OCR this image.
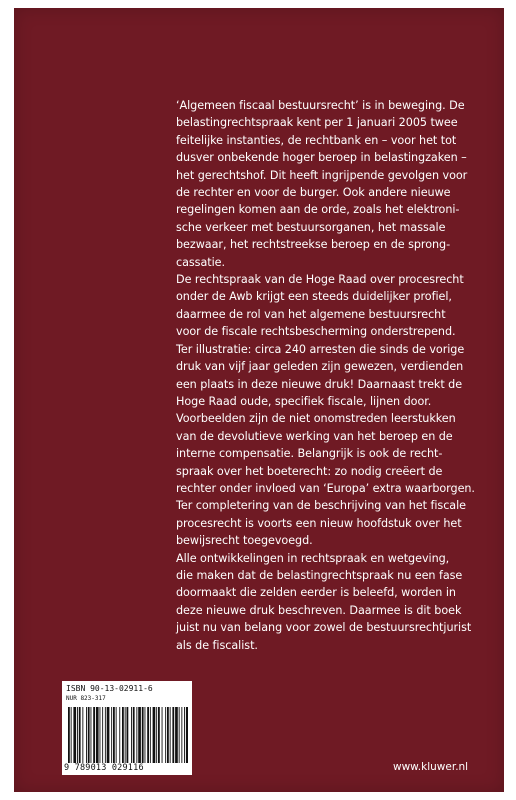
‘Algemeen fiscaal bestuursrecht’ is in beweging. De
belastingrechtspraak kent per 1 januari 2005 twee
feitelijke instanties, de rechtbank en – voor het tot
dusver onbekende hoger beroep in belastingzaken –
het gerechtshof. Dit heeft ingrijpende gevolgen voor
de rechter en voor de burger. Ook andere nieuwe
regelingen komen aan de orde, zoals het elektroni-
sche verkeer met bestuursorganen, het massale
bezwaar, het rechtstreekse beroep en de sprong-
cassatie.
De rechtspraak van de Hoge Raad over procesrecht
onder de Awb krijgt een steeds duidelijker profiel,
daarmee de rol van het algemene bestuursrecht
voor de fiscale rechtsbescherming onderstrepend.
Ter illustratie: circa 240 arresten die sinds de vorige
druk van vijf jaar geleden zijn gewezen, verdienden
een plaats in deze nieuwe druk! Daarnaast trekt de
Hoge Raad oude, specifiek fiscale, lijnen door.
Voorbeelden zijn de niet onomstreden leerstukken
van de devolutieve werking van het beroep en de
interne compensatie. Belangrijk is ook de recht-
spraak over het boeterecht: zo nodig creëert de
rechter onder invloed van ‘Europa’ extra waarborgen.
Ter completering van de beschrijving van het fiscale
procesrecht is voorts een nieuw hoofdstuk over het
bewijsrecht toegevoegd.
Alle ontwikkelingen in rechtspraak en wetgeving,
die maken dat de belastingrechtspraak nu een fase
doormaakt die zelden eerder is beleefd, worden in
deze nieuwe druk beschreven. Daarmee is dit boek
juist nu van belang voor zowel de bestuursrechtjurist
als de fiscalist.
ISBN 90-13-02911-6
NUR 823-317
9 789013 029116	www.kluwer.nl
